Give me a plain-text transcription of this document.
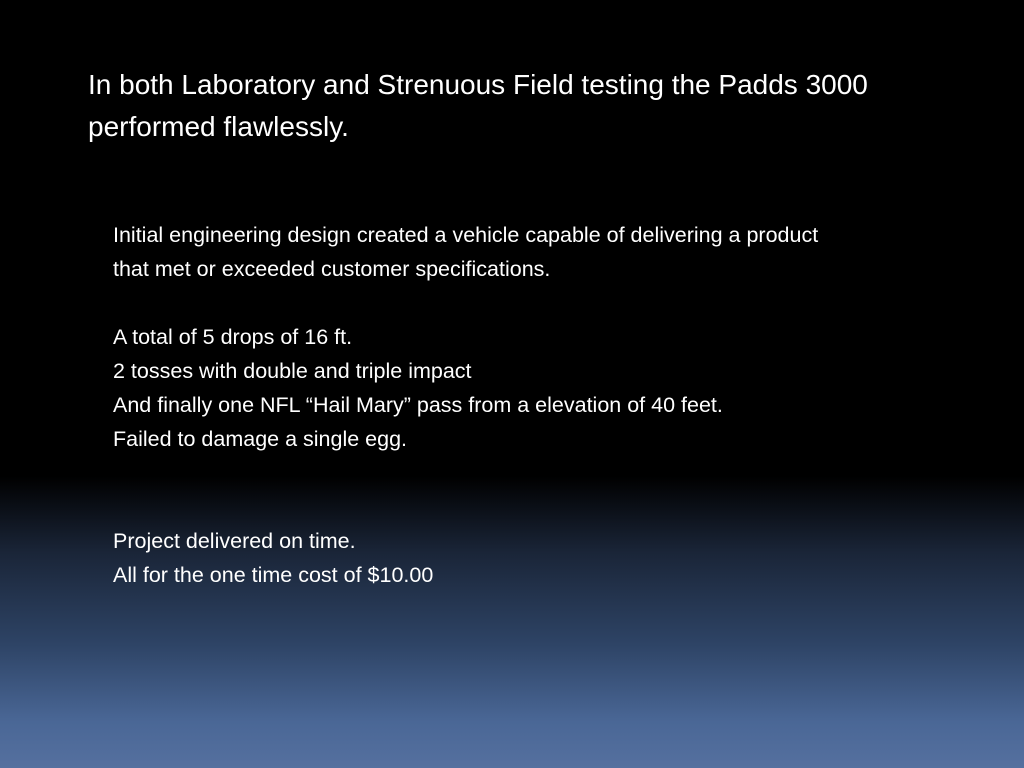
In both Laboratory and Strenuous Field testing the Padds 3000 performed flawlessly.

Initial engineering design created a vehicle capable of delivering a product that met or exceeded customer specifications.

A total of 5 drops of 16 ft.
2 tosses with double and triple impact
And finally one NFL “Hail Mary” pass from a elevation of 40 feet.
Failed to damage a single egg.
Project delivered on time.
All for the one time cost of $10.00
